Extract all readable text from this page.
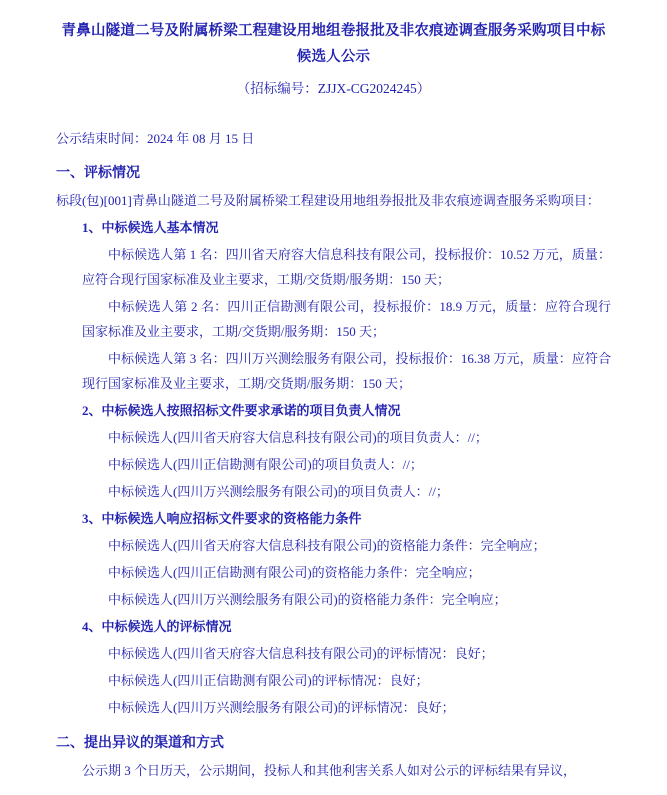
青鼻山隧道二号及附属桥梁工程建设用地组卷报批及非农痕迹调查服务采购项目中标候选人公示
（招标编号：ZJJX-CG2024245）
公示结束时间：2024 年 08 月 15 日
一、评标情况
标段(包)[001]青鼻山隧道二号及附属桥梁工程建设用地组券报批及非农痕迹调查服务采购项目：
1、中标候选人基本情况
中标候选人第 1 名：四川省天府容大信息科技有限公司，投标报价：10.52 万元，质量：应符合现行国家标准及业主要求，工期/交货期/服务期：150 天；
中标候选人第 2 名：四川正信勘测有限公司，投标报价：18.9 万元，质量：应符合现行国家标准及业主要求，工期/交货期/服务期：150 天；
中标候选人第 3 名：四川万兴测绘服务有限公司，投标报价：16.38 万元，质量：应符合现行国家标准及业主要求，工期/交货期/服务期：150 天；
2、中标候选人按照招标文件要求承诺的项目负责人情况
中标候选人(四川省天府容大信息科技有限公司)的项目负责人：//；
中标候选人(四川正信勘测有限公司)的项目负责人：//；
中标候选人(四川万兴测绘服务有限公司)的项目负责人：//；
3、中标候选人响应招标文件要求的资格能力条件
中标候选人(四川省天府容大信息科技有限公司)的资格能力条件：完全响应；
中标候选人(四川正信勘测有限公司)的资格能力条件：完全响应；
中标候选人(四川万兴测绘服务有限公司)的资格能力条件：完全响应；
4、中标候选人的评标情况
中标候选人(四川省天府容大信息科技有限公司)的评标情况：良好；
中标候选人(四川正信勘测有限公司)的评标情况：良好；
中标候选人(四川万兴测绘服务有限公司)的评标情况：良好；
二、提出异议的渠道和方式
公示期 3 个日历天，公示期间，投标人和其他利害关系人如对公示的评标结果有异议，
